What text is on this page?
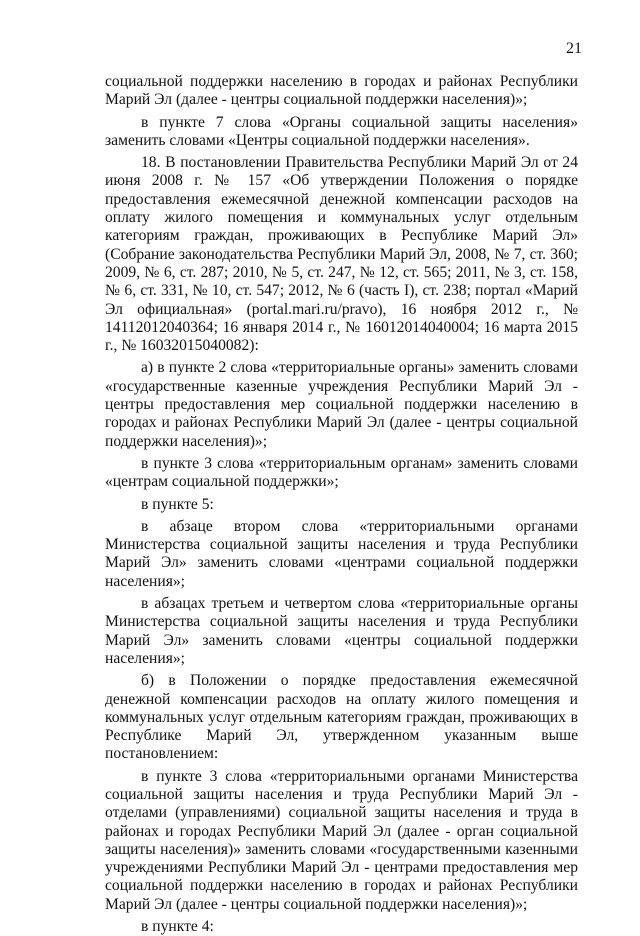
21

социальной поддержки населению в городах и районах Республики Марий Эл (далее - центры социальной поддержки населения)»;

в пункте 7 слова «Органы социальной защиты населения» заменить словами «Центры социальной поддержки населения».

18. В постановлении Правительства Республики Марий Эл от 24 июня 2008 г. № 157 «Об утверждении Положения о порядке предоставления ежемесячной денежной компенсации расходов на оплату жилого помещения и коммунальных услуг отдельным категориям граждан, проживающих в Республике Марий Эл» (Собрание законодательства Республики Марий Эл, 2008, № 7, ст. 360; 2009, № 6, ст. 287; 2010, № 5, ст. 247, № 12, ст. 565; 2011, № 3, ст. 158, № 6, ст. 331, № 10, ст. 547; 2012, № 6 (часть I), ст. 238; портал «Марий Эл официальная» (portal.mari.ru/pravo), 16 ноября 2012 г., № 14112012040364; 16 января 2014 г., № 16012014040004; 16 марта 2015 г., № 16032015040082):

а) в пункте 2 слова «территориальные органы» заменить словами «государственные казенные учреждения Республики Марий Эл - центры предоставления мер социальной поддержки населению в городах и районах Республики Марий Эл (далее - центры социальной поддержки населения)»;

в пункте 3 слова «территориальным органам» заменить словами «центрам социальной поддержки»;

в пункте 5:

в абзаце втором слова «территориальными органами Министерства социальной защиты населения и труда Республики Марий Эл» заменить словами «центрами социальной поддержки населения»;

в абзацах третьем и четвертом слова «территориальные органы Министерства социальной защиты населения и труда Республики Марий Эл» заменить словами «центры социальной поддержки населения»;

б) в Положении о порядке предоставления ежемесячной денежной компенсации расходов на оплату жилого помещения и коммунальных услуг отдельным категориям граждан, проживающих в Республике Марий Эл, утвержденном указанным выше постановлением:

в пункте 3 слова «территориальными органами Министерства социальной защиты населения и труда Республики Марий Эл - отделами (управлениями) социальной защиты населения и труда в районах и городах Республики Марий Эл (далее - орган социальной защиты населения)» заменить словами «государственными казенными учреждениями Республики Марий Эл - центрами предоставления мер социальной поддержки населению в городах и районах Республики Марий Эл (далее - центры социальной поддержки населения)»;

в пункте 4:
